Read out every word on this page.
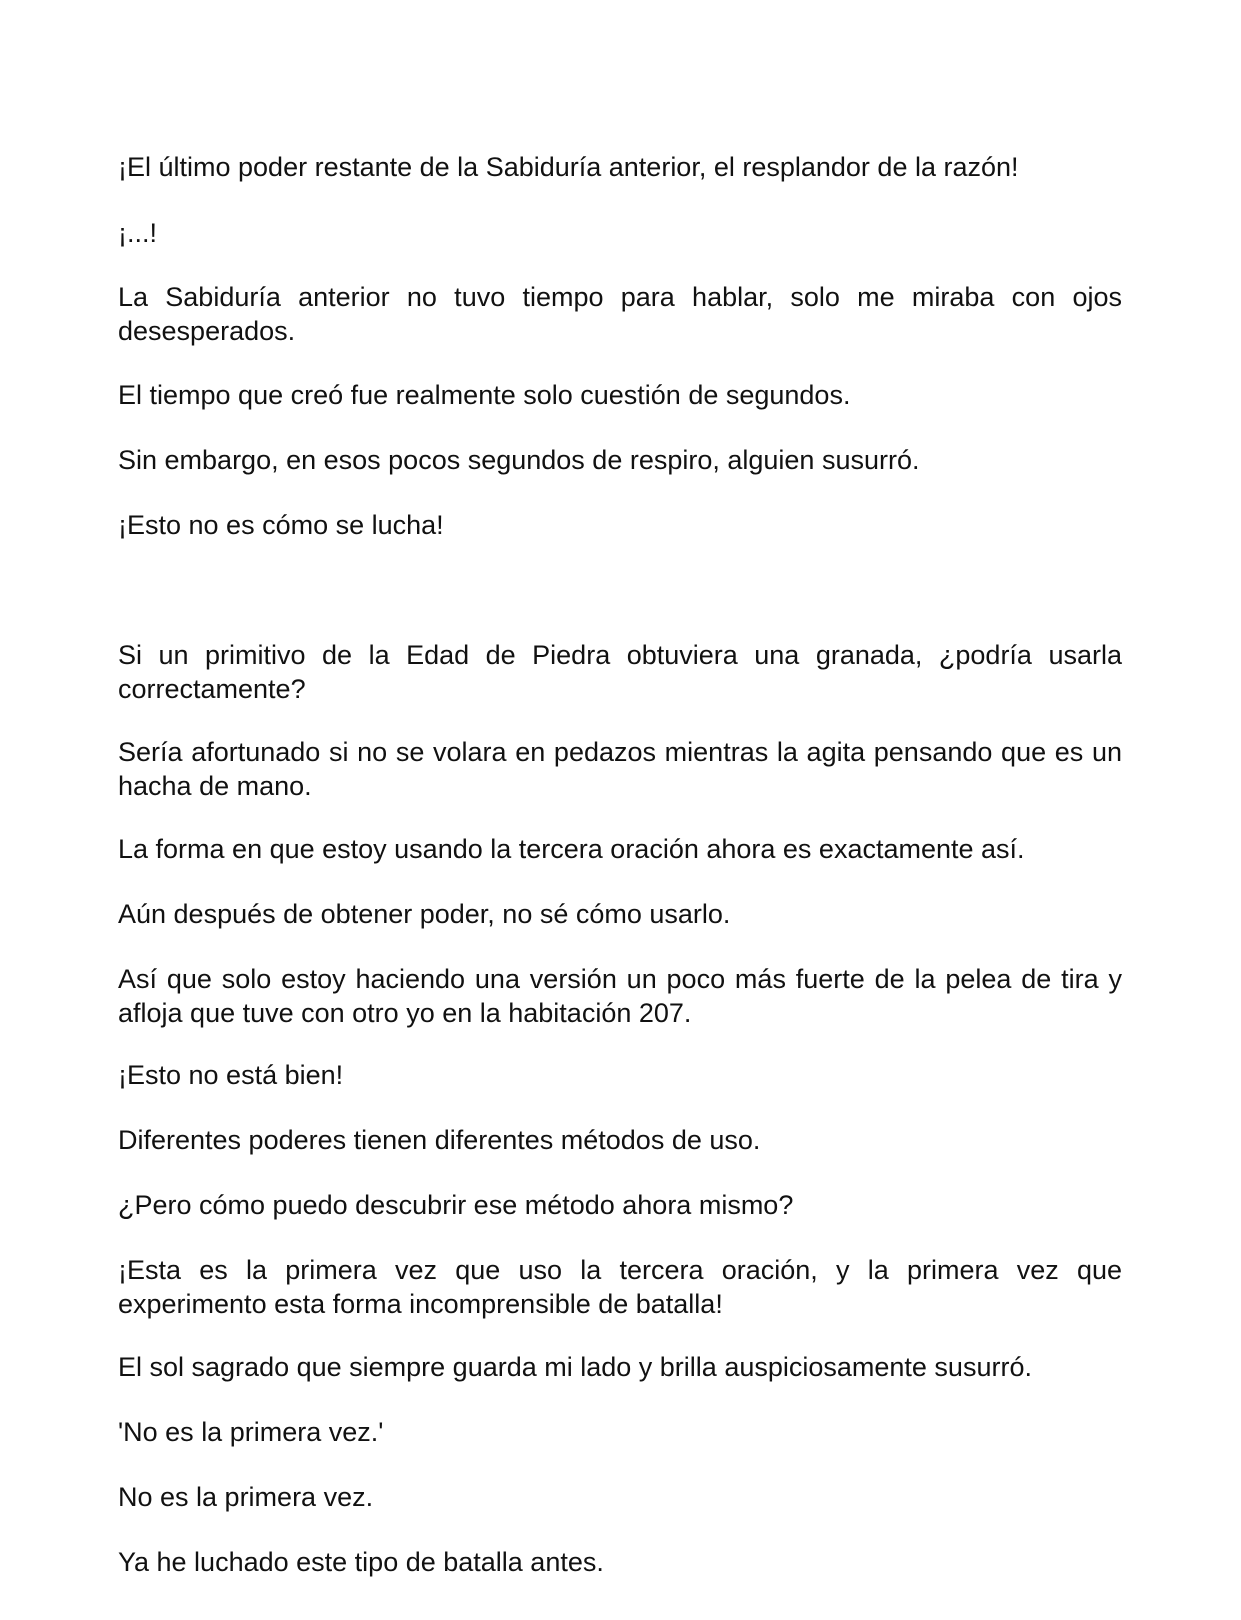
¡El último poder restante de la Sabiduría anterior, el resplandor de la razón!

¡...!

La Sabiduría anterior no tuvo tiempo para hablar, solo me miraba con ojos desesperados.

El tiempo que creó fue realmente solo cuestión de segundos.

Sin embargo, en esos pocos segundos de respiro, alguien susurró.

¡Esto no es cómo se lucha!

Si un primitivo de la Edad de Piedra obtuviera una granada, ¿podría usarla correctamente?

Sería afortunado si no se volara en pedazos mientras la agita pensando que es un hacha de mano.

La forma en que estoy usando la tercera oración ahora es exactamente así.

Aún después de obtener poder, no sé cómo usarlo.

Así que solo estoy haciendo una versión un poco más fuerte de la pelea de tira y afloja que tuve con otro yo en la habitación 207.

¡Esto no está bien!

Diferentes poderes tienen diferentes métodos de uso.

¿Pero cómo puedo descubrir ese método ahora mismo?

¡Esta es la primera vez que uso la tercera oración, y la primera vez que experimento esta forma incomprensible de batalla!

El sol sagrado que siempre guarda mi lado y brilla auspiciosamente susurró.

'No es la primera vez.'

No es la primera vez.

Ya he luchado este tipo de batalla antes.
